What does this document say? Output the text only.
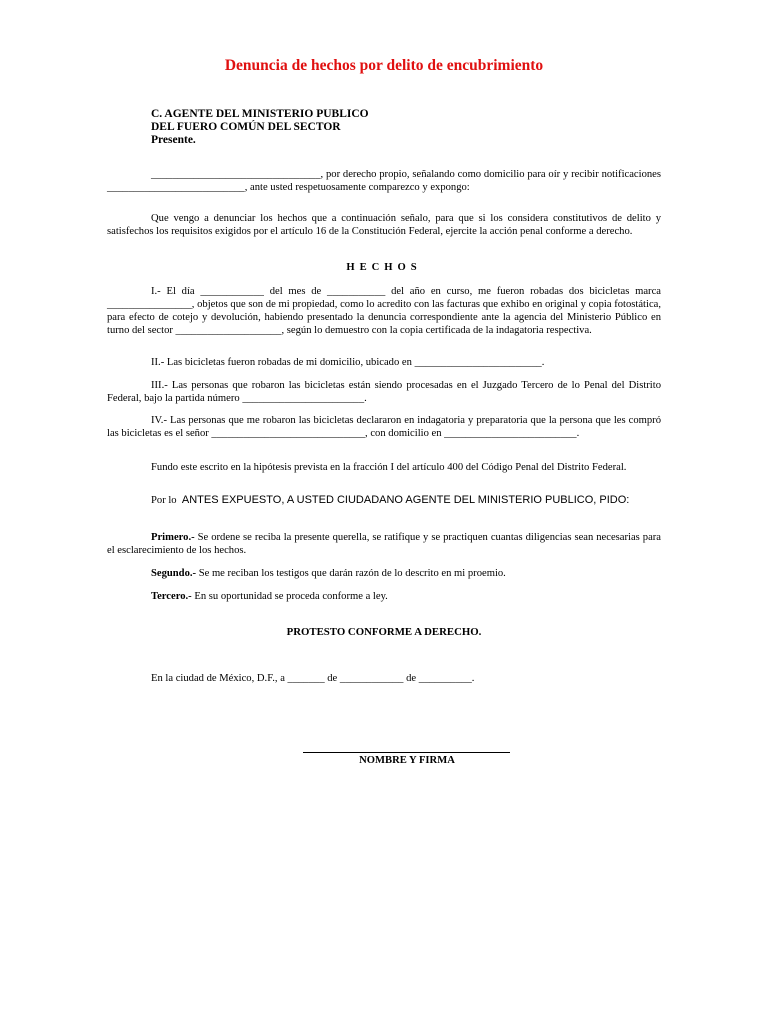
Denuncia de hechos por delito de encubrimiento
C. AGENTE DEL MINISTERIO PUBLICO
DEL FUERO COMÚN DEL SECTOR
Presente.
________________________________, por derecho propio, señalando como domicilio para oír y recibir notificaciones __________________________, ante usted respetuosamente comparezco y expongo:
Que vengo a denunciar los hechos que a continuación señalo, para que si los considera constitutivos de delito y satisfechos los requisitos exigidos por el artículo 16 de la Constitución Federal, ejercite la acción penal conforme a derecho.
HECHOS
I.- El día ____________ del mes de ___________ del año en curso, me fueron robadas dos bicicletas marca ________________, objetos que son de mi propiedad, como lo acredito con las facturas que exhibo en original y copia fotostática, para efecto de cotejo y devolución, habiendo presentado la denuncia correspondiente ante la agencia del Ministerio Público en turno del sector ____________________, según lo demuestro con la copia certificada de la indagatoria respectiva.
II.- Las bicicletas fueron robadas de mi domicilio, ubicado en ________________________.
III.- Las personas que robaron las bicicletas están siendo procesadas en el Juzgado Tercero de lo Penal del Distrito Federal, bajo la partida número _______________________.
IV.- Las personas que me robaron las bicicletas declararon en indagatoria y preparatoria que la persona que les compró las bicicletas es el señor _____________________________, con domicilio en _________________________.
Fundo este escrito en la hipótesis prevista en la fracción I del artículo 400 del Código Penal del Distrito Federal.
Por lo ANTES EXPUESTO, A USTED CIUDADANO AGENTE DEL MINISTERIO PUBLICO, PIDO:
Primero.- Se ordene se reciba la presente querella, se ratifique y se practiquen cuantas diligencias sean necesarias para el esclarecimiento de los hechos.
Segundo.- Se me reciban los testigos que darán razón de lo descrito en mi proemio.
Tercero.- En su oportunidad se proceda conforme a ley.
PROTESTO CONFORME A DERECHO.
En la ciudad de México, D.F., a _______ de ____________ de __________.
NOMBRE Y FIRMA
